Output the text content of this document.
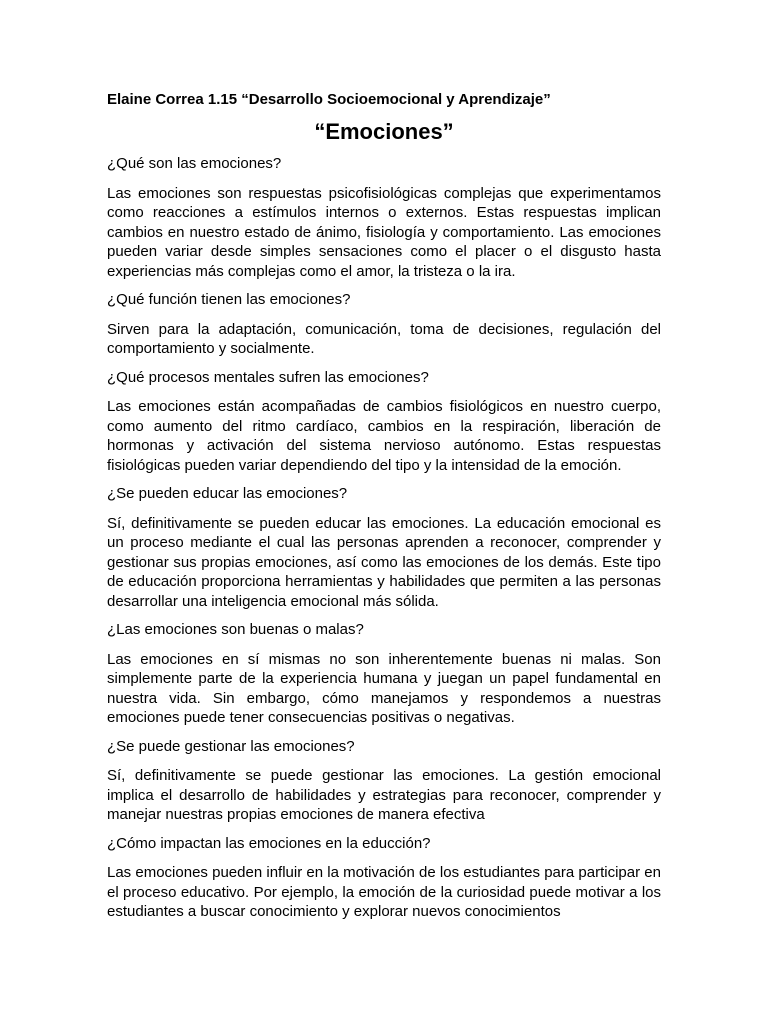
Elaine Correa 1.15 “Desarrollo Socioemocional y Aprendizaje”

“Emociones”

¿Qué son las emociones?

Las emociones son respuestas psicofisiológicas complejas que experimentamos como reacciones a estímulos internos o externos. Estas respuestas implican cambios en nuestro estado de ánimo, fisiología y comportamiento. Las emociones pueden variar desde simples sensaciones como el placer o el disgusto hasta experiencias más complejas como el amor, la tristeza o la ira.

¿Qué función tienen las emociones?

Sirven para la adaptación, comunicación, toma de decisiones, regulación del comportamiento y socialmente.

¿Qué procesos mentales sufren las emociones?

Las emociones están acompañadas de cambios fisiológicos en nuestro cuerpo, como aumento del ritmo cardíaco, cambios en la respiración, liberación de hormonas y activación del sistema nervioso autónomo. Estas respuestas fisiológicas pueden variar dependiendo del tipo y la intensidad de la emoción.

¿Se pueden educar las emociones?

Sí, definitivamente se pueden educar las emociones. La educación emocional es un proceso mediante el cual las personas aprenden a reconocer, comprender y gestionar sus propias emociones, así como las emociones de los demás. Este tipo de educación proporciona herramientas y habilidades que permiten a las personas desarrollar una inteligencia emocional más sólida.

¿Las emociones son buenas o malas?

Las emociones en sí mismas no son inherentemente buenas ni malas. Son simplemente parte de la experiencia humana y juegan un papel fundamental en nuestra vida. Sin embargo, cómo manejamos y respondemos a nuestras emociones puede tener consecuencias positivas o negativas.

¿Se puede gestionar las emociones?

Sí, definitivamente se puede gestionar las emociones. La gestión emocional implica el desarrollo de habilidades y estrategias para reconocer, comprender y manejar nuestras propias emociones de manera efectiva

¿Cómo impactan las emociones en la educción?

Las emociones pueden influir en la motivación de los estudiantes para participar en el proceso educativo. Por ejemplo, la emoción de la curiosidad puede motivar a los estudiantes a buscar conocimiento y explorar nuevos conocimientos
